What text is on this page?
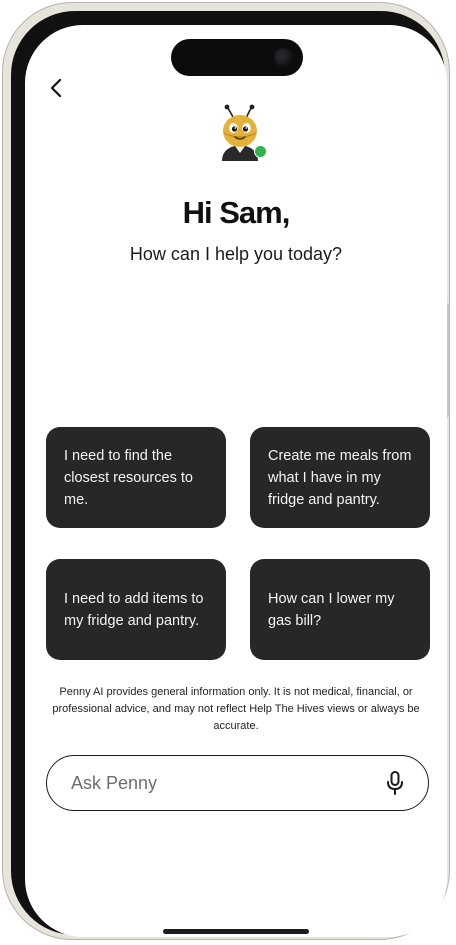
Hi Sam,
How can I help you today?
I need to find the closest resources to me.
Create me meals from what I have in my fridge and pantry.
I need to add items to my fridge and pantry.
How can I lower my gas bill?
Penny AI provides general information only. It is not medical, financial, or professional advice, and may not reflect Help The Hives views or always be accurate.
Ask Penny
